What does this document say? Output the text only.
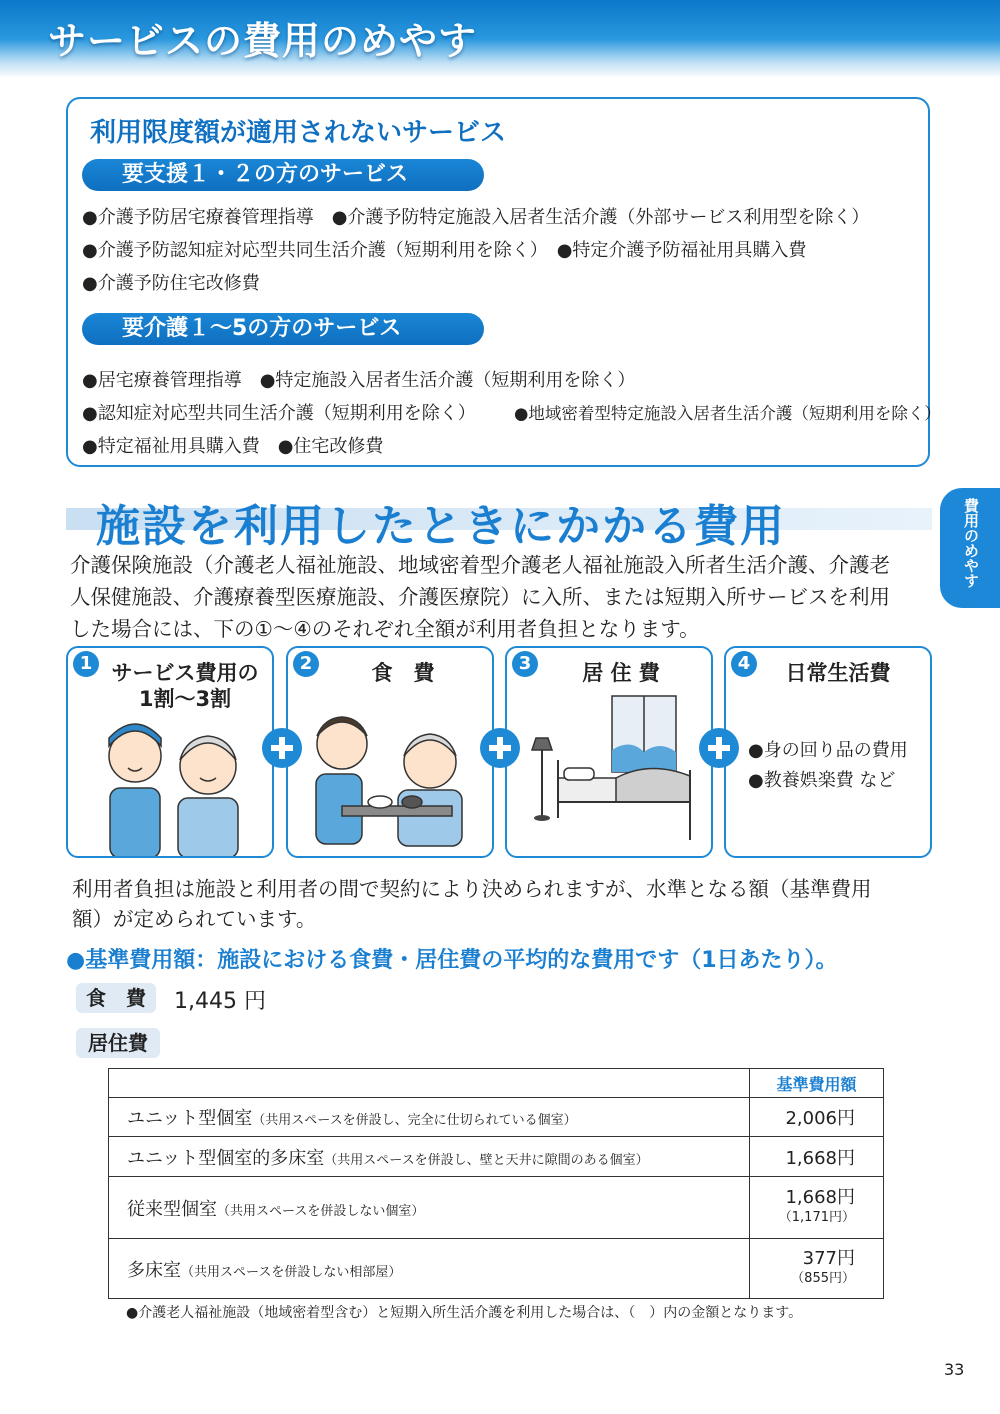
サービスの費用のめやす
利用限度額が適用されないサービス
要支援１・２の方のサービス
●介護予防居宅療養管理指導　●介護予防特定施設入居者生活介護（外部サービス利用型を除く）
●介護予防認知症対応型共同生活介護（短期利用を除く）　●特定介護予防福祉用具購入費
●介護予防住宅改修費
要介護１～5の方のサービス
●居宅療養管理指導　●特定施設入居者生活介護（短期利用を除く）
●認知症対応型共同生活介護（短期利用を除く） ●地域密着型特定施設入居者生活介護（短期利用を除く）
●特定福祉用具購入費　●住宅改修費
費用のめやす
施設を利用したときにかかる費用
介護保険施設（介護老人福祉施設、地域密着型介護老人福祉施設入所者生活介護、介護老
人保健施設、介護療養型医療施設、介護医療院）に入所、または短期入所サービスを利用
した場合には、下の①～④のそれぞれ全額が利用者負担となります。
1	2	3	4
サービス費用の
1割～3割
食　費	居 住 費	日常生活費
●身の回り品の費用
●教養娯楽費 など
利用者負担は施設と利用者の間で契約により決められますが、水準となる額（基準費用
額）が定められています。
●基準費用額：施設における食費・居住費の平均的な費用です（1日あたり）。
食　費	1,445 円
居住費
	基準費用額
ユニット型個室（共用スペースを併設し、完全に仕切られている個室）	2,006円
ユニット型個室的多床室（共用スペースを併設し、壁と天井に隙間のある個室）	1,668円
従来型個室（共用スペースを併設しない個室）	1,668円
（1,171円）

多床室（共用スペースを併設しない相部屋）	377円
（855円）
●介護老人福祉施設（地域密着型含む）と短期入所生活介護を利用した場合は、（　）内の金額となります。
33
